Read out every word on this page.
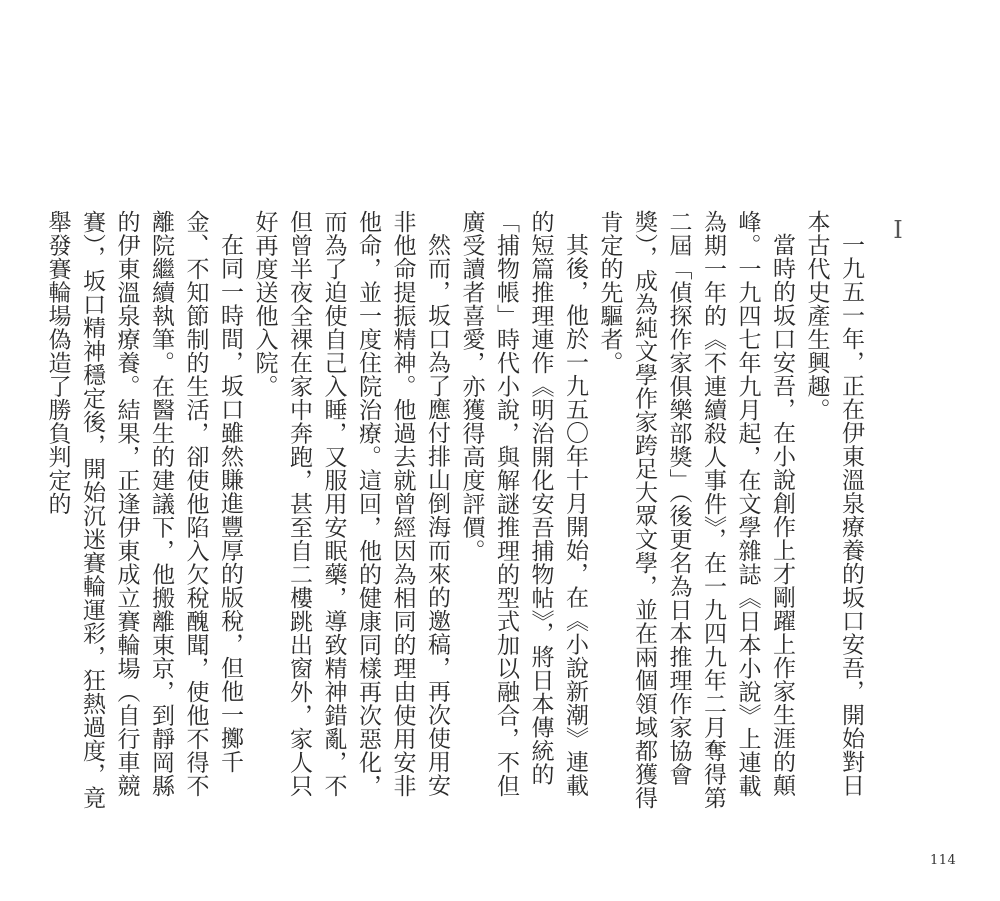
I

一九五一年，正在伊東溫泉療養的坂口安吾，開始對日本古代史產生興趣。

當時的坂口安吾，在小說創作上才剛躍上作家生涯的顛峰。一九四七年九月起，在文學雜誌《日本小說》上連載為期一年的《不連續殺人事件》，在一九四九年二月奪得第二屆「偵探作家俱樂部獎」（後更名為日本推理作家協會獎），成為純文學作家跨足大眾文學，並在兩個領域都獲得肯定的先驅者。

其後，他於一九五〇年十月開始，在《小說新潮》連載的短篇推理連作《明治開化安吾捕物帖》，將日本傳統的「捕物帳」時代小說，與解謎推理的型式加以融合，不但廣受讀者喜愛，亦獲得高度評價。

然而，坂口為了應付排山倒海而來的邀稿，再次使用安非他命提振精神。他過去就曾經因為相同的理由使用安非他命，並一度住院治療。這回，他的健康同樣再次惡化，而為了迫使自己入睡，又服用安眠藥，導致精神錯亂，不但曾半夜全裸在家中奔跑，甚至自二樓跳出窗外，家人只好再度送他入院。

在同一時間，坂口雖然賺進豐厚的版稅，但他一擲千金、不知節制的生活，卻使他陷入欠稅醜聞，使他不得不離院繼續執筆。在醫生的建議下，他搬離東京，到靜岡縣的伊東溫泉療養。結果，正逢伊東成立賽輪場（自行車競賽），坂口精神穩定後，開始沉迷賽輪運彩，狂熱過度，竟舉發賽輪場偽造了勝負判定的

114
